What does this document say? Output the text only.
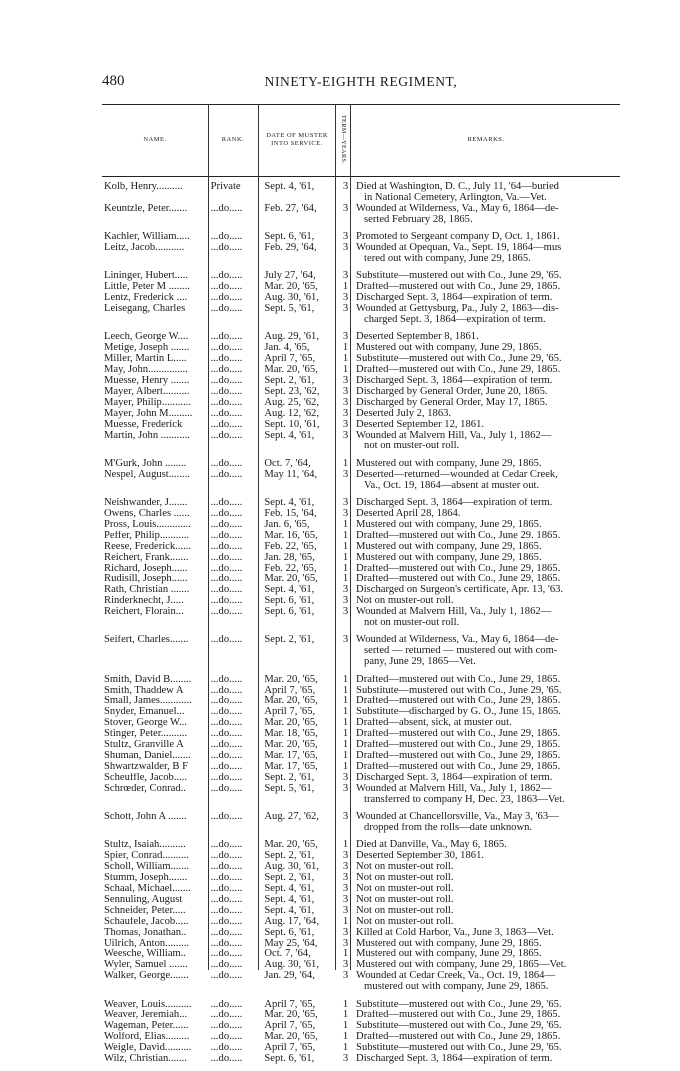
480	NINETY-EIGHTH REGIMENT,
NAME.	RANK.
DATE OF MUSTER INTO SERVICE.	TERM—YEARS.	REMARKS.
Kolb, Henry..........	Private	Sept. 4, '61,	3 Died at Washington, D. C., July 11, '64—buried
in National Cemetery, Arlington, Va.—Vet.
Keuntzle, Peter.......	...do.....	Feb. 27, '64,	3 Wounded at Wilderness, Va., May 6, 1864—de-
serted February 28, 1865.
Kachler, William.....	...do.....	Sept. 6, '61,	3 Promoted to Sergeant company D, Oct. 1, 1861.
Leitz, Jacob...........	...do.....	Feb. 29, '64,	3 Wounded at Opequan, Va., Sept. 19, 1864—mus
tered out with company, June 29, 1865.
Lininger, Hubert.....	...do.....	July 27, '64,	3 Substitute—mustered out with Co., June 29, '65.
Little, Peter M ........	...do.....	Mar. 20, '65,	1 Drafted—mustered out with Co., June 29, 1865.
Lentz, Frederick ....	...do.....	Aug. 30, '61,	3 Discharged Sept. 3, 1864—expiration of term.
Leisegang, Charles	...do.....	Sept. 5, '61,	3 Wounded at Gettysburg, Pa., July 2, 1863—dis-
charged Sept. 3, 1864—expiration of term.
Leech, George W....	...do.....	Aug. 29, '61,	3 Deserted September 8, 1861.
Metige, Joseph .......	...do.....	Jan. 4, '65,	1 Mustered out with company, June 29, 1865.
Miller, Martin L.....	...do.....	April 7, '65,	1 Substitute—mustered out with Co., June 29, '65.
May, John...............	...do.....	Mar. 20, '65,	1 Drafted—mustered out with Co., June 29, 1865.
Muesse, Henry .......	...do.....	Sept. 2, '61,	3 Discharged Sept. 3, 1864—expiration of term.
Mayer, Albert..........	...do.....	Sept. 23, '62,	3 Discharged by General Order, June 20, 1865.
Mayer, Philip...........	...do.....	Aug. 25, '62,	3 Discharged by General Order, May 17, 1865.
Mayer, John M.........	...do.....	Aug. 12, '62,	3 Deserted July 2, 1863.
Muesse, Frederick	...do.....	Sept. 10, '61,	3 Deserted September 12, 1861.
Martin, John ...........	...do.....	Sept. 4, '61,	3 Wounded at Malvern Hill, Va., July 1, 1862—
not on muster-out roll.
M'Gurk, John ........	...do.....	Oct. 7, '64,	1 Mustered out with company, June 29, 1865.
Nespel, August........	...do.....	May 11, '64,	3 Deserted—returned—wounded at Cedar Creek,
Va., Oct. 19, 1864—absent at muster out.
Neishwander, J.......	...do.....	Sept. 4, '61,	3 Discharged Sept. 3, 1864—expiration of term.
Owens, Charles ......	...do.....	Feb. 15, '64,	3 Deserted April 28, 1864.
Pross, Louis.............	...do.....	Jan. 6, '65,	1 Mustered out with company, June 29, 1865.
Peffer, Philip...........	...do.....	Mar. 16, '65,	1 Drafted—mustered out with Co., June 29. 1865.
Reese, Frederick......	...do.....	Feb. 22, '65,	1 Mustered out with company, June 29, 1865.
Reichert, Frank.......	...do.....	Jan. 28, '65,	1 Mustered out with company, June 29, 1865.
Richard, Joseph......	...do.....	Feb. 22, '65,	1 Drafted—mustered out with Co., June 29, 1865.
Rudisill, Joseph......	...do.....	Mar. 20, '65,	1 Drafted—mustered out with Co., June 29, 1865.
Rath, Christian .......	...do.....	Sept. 4, '61,	3 Discharged on Surgeon's certificate, Apr. 13, '63.
Rinderknecht, J.....	...do.....	Sept. 6, '61,	3 Not on muster-out roll.
Reichert, Florain...	...do.....	Sept. 6, '61,	3 Wounded at Malvern Hill, Va., July 1, 1862—
not on muster-out roll.
Seifert, Charles.......	...do.....	Sept. 2, '61,	3 Wounded at Wilderness, Va., May 6, 1864—de-
serted — returned — mustered out with com-
pany, June 29, 1865—Vet.
Smith, David B........	...do.....	Mar. 20, '65,	1 Drafted—mustered out with Co., June 29, 1865.
Smith, Thaddew A	...do.....	April 7, '65,	1 Substitute—mustered out with Co., June 29, '65.
Small, James............	...do.....	Mar. 20, '65,	1 Drafted—mustered out with Co., June 29, 1865.
Snyder, Emanuel...	...do.....	April 7, '65,	1 Substitute—discharged by G. O., June 15, 1865.
Stover, George W...	...do.....	Mar. 20, '65,	1 Drafted—absent, sick, at muster out.
Stinger, Peter..........	...do.....	Mar. 18, '65,	1 Drafted—mustered out with Co., June 29, 1865.
Stultz, Granville A	...do.....	Mar. 20, '65,	1 Drafted—mustered out with Co., June 29, 1865.
Shuman, Daniel.......	...do.....	Mar. 17, '65,	1 Drafted—mustered out with Co., June 29, 1865.
Shwartzwalder, B F	...do.....	Mar. 17, '65,	1 Drafted—mustered out with Co., June 29, 1865.
Scheuffle, Jacob.....	...do.....	Sept. 2, '61,	3 Discharged Sept. 3, 1864—expiration of term.
Schrœder, Conrad..	...do.....	Sept. 5, '61,	3 Wounded at Malvern Hill, Va., July 1, 1862—
transferred to company H, Dec. 23, 1863—Vet.
Schott, John A .......	...do.....	Aug. 27, '62,	3 Wounded at Chancellorsville, Va., May 3, '63—
dropped from the rolls—date unknown.
Stultz, Isaiah..........	...do.....	Mar. 20, '65,	1 Died at Danville, Va., May 6, 1865.
Spier, Conrad..........	...do.....	Sept. 2, '61,	3 Deserted September 30, 1861.
Scholl, William.......	...do.....	Aug. 30, '61,	3 Not on muster-out roll.
Stumm, Joseph.......	...do.....	Sept. 2, '61,	3 Not on muster-out roll.
Schaal, Michael.......	...do.....	Sept. 4, '61,	3 Not on muster-out roll.
Sennuling, August	...do.....	Sept. 4, '61,	3 Not on muster-out roll.
Schneider, Peter.....	...do.....	Sept. 4, '61,	3 Not on muster-out roll.
Schaufele, Jacob.....	...do.....	Aug. 17, '64,	1 Not on muster-out roll.
Thomas, Jonathan..	...do.....	Sept. 6, '61,	3 Killed at Cold Harbor, Va., June 3, 1863—Vet.
Uilrich, Anton.........	...do.....	May 25, '64,	3 Mustered out with company, June 29, 1865.
Weesche, William..	...do.....	Oct. 7, '64,	1 Mustered out with company, June 29, 1865.
Wyler, Samuel .......	...do.....	Aug. 30, '61,	3 Mustered out with company, June 29, 1865—Vet.
Walker, George.......	...do.....	Jan. 29, '64,	3 Wounded at Cedar Creek, Va., Oct. 19, 1864—
mustered out with company, June 29, 1865.
Weaver, Louis..........	...do.....	April 7, '65,	1 Substitute—mustered out with Co., June 29, '65.
Weaver, Jeremiah...	...do.....	Mar. 20, '65,	1 Drafted—mustered out with Co., June 29, 1865.
Wageman, Peter......	...do.....	April 7, '65,	1 Substitute—mustered out with Co., June 29, '65.
Wolford, Elias.........	...do.....	Mar. 20, '65,	1 Drafted—mustered out with Co., June 29, 1865.
Weigle, David..........	...do.....	April 7, '65,	1 Substitute—mustered out with Co., June 29, '65.
Wilz, Christian.......	...do.....	Sept. 6, '61,	3 Discharged Sept. 3, 1864—expiration of term.
